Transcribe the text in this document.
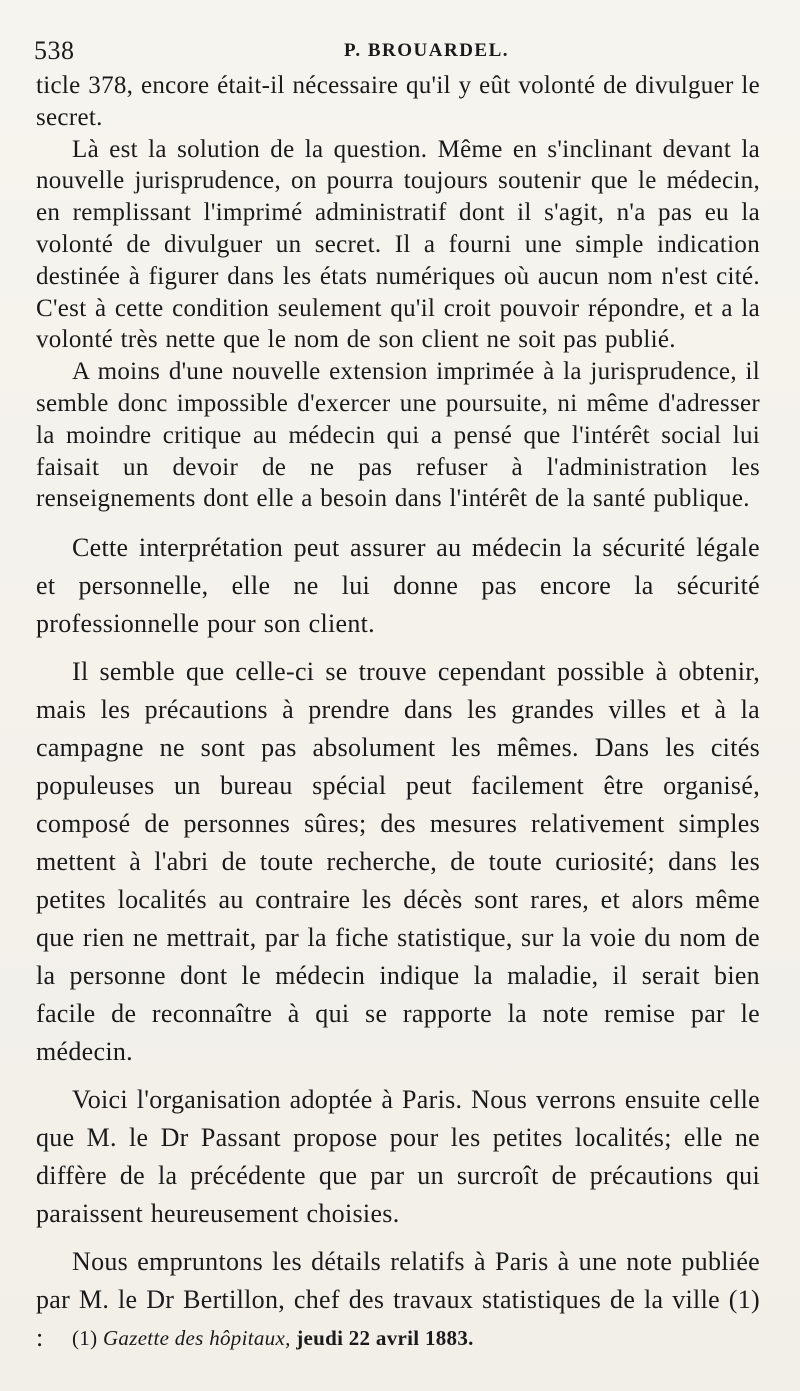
538	P. BROUARDEL.

ticle 378, encore était-il nécessaire qu'il y eût volonté de divulguer le secret.

Là est la solution de la question. Même en s'inclinant devant la nouvelle jurisprudence, on pourra toujours soutenir que le médecin, en remplissant l'imprimé administratif dont il s'agit, n'a pas eu la volonté de divulguer un secret. Il a fourni une simple indication destinée à figurer dans les états numériques où aucun nom n'est cité. C'est à cette condition seulement qu'il croit pouvoir répondre, et a la volonté très nette que le nom de son client ne soit pas publié.

A moins d'une nouvelle extension imprimée à la jurisprudence, il semble donc impossible d'exercer une poursuite, ni même d'adresser la moindre critique au médecin qui a pensé que l'intérêt social lui faisait un devoir de ne pas refuser à l'administration les renseignements dont elle a besoin dans l'intérêt de la santé publique.

Cette interprétation peut assurer au médecin la sécurité légale et personnelle, elle ne lui donne pas encore la sécurité professionnelle pour son client.

Il semble que celle-ci se trouve cependant possible à obtenir, mais les précautions à prendre dans les grandes villes et à la campagne ne sont pas absolument les mêmes. Dans les cités populeuses un bureau spécial peut facilement être organisé, composé de personnes sûres; des mesures relativement simples mettent à l'abri de toute recherche, de toute curiosité; dans les petites localités au contraire les décès sont rares, et alors même que rien ne mettrait, par la fiche statistique, sur la voie du nom de la personne dont le médecin indique la maladie, il serait bien facile de reconnaître à qui se rapporte la note remise par le médecin.

Voici l'organisation adoptée à Paris. Nous verrons ensuite celle que M. le Dr Passant propose pour les petites localités; elle ne diffère de la précédente que par un surcroît de précautions qui paraissent heureusement choisies.

Nous empruntons les détails relatifs à Paris à une note publiée par M. le Dr Bertillon, chef des travaux statistiques de la ville (1) :	(1) Gazette des hôpitaux, jeudi 22 avril 1883.
